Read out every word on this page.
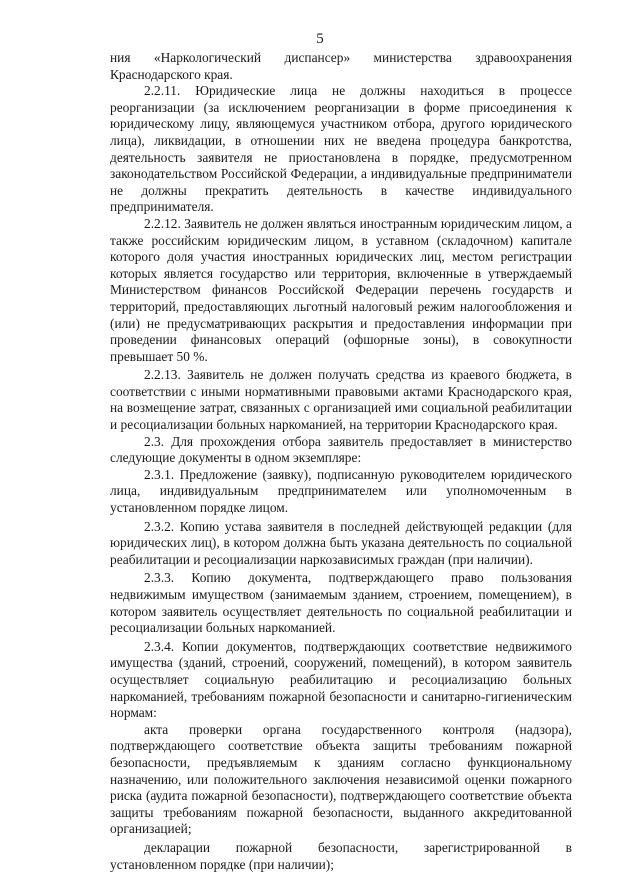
5

ния «Наркологический диспансер» министерства здравоохранения Краснодарского края.

2.2.11. Юридические лица не должны находиться в процессе реорганизации (за исключением реорганизации в форме присоединения к юридическому лицу, являющемуся участником отбора, другого юридического лица), ликвидации, в отношении них не введена процедура банкротства, деятельность заявителя не приостановлена в порядке, предусмотренном законодательством Российской Федерации, а индивидуальные предприниматели не должны прекратить деятельность в качестве индивидуального предпринимателя.

2.2.12. Заявитель не должен являться иностранным юридическим лицом, а также российским юридическим лицом, в уставном (складочном) капитале которого доля участия иностранных юридических лиц, местом регистрации которых является государство или территория, включенные в утверждаемый Министерством финансов Российской Федерации перечень государств и территорий, предоставляющих льготный налоговый режим налогообложения и (или) не предусматривающих раскрытия и предоставления информации при проведении финансовых операций (офшорные зоны), в совокупности превышает 50 %.

2.2.13. Заявитель не должен получать средства из краевого бюджета, в соответствии с иными нормативными правовыми актами Краснодарского края, на возмещение затрат, связанных с организацией ими социальной реабилитации и ресоциализации больных наркоманией, на территории Краснодарского края.

2.3. Для прохождения отбора заявитель предоставляет в министерство следующие документы в одном экземпляре:

2.3.1. Предложение (заявку), подписанную руководителем юридического лица, индивидуальным предпринимателем или уполномоченным в установленном порядке лицом.

2.3.2. Копию устава заявителя в последней действующей редакции (для юридических лиц), в котором должна быть указана деятельность по социальной реабилитации и ресоциализации наркозависимых граждан (при наличии).

2.3.3. Копию документа, подтверждающего право пользования недвижимым имуществом (занимаемым зданием, строением, помещением), в котором заявитель осуществляет деятельность по социальной реабилитации и ресоциализации больных наркоманией.

2.3.4. Копии документов, подтверждающих соответствие недвижимого имущества (зданий, строений, сооружений, помещений), в котором заявитель осуществляет социальную реабилитацию и ресоциализацию больных наркоманией, требованиям пожарной безопасности и санитарно-гигиеническим нормам:

акта проверки органа государственного контроля (надзора), подтверждающего соответствие объекта защиты требованиям пожарной безопасности, предъявляемым к зданиям согласно функциональному назначению, или положительного заключения независимой оценки пожарного риска (аудита пожарной безопасности), подтверждающего соответствие объекта защиты требованиям пожарной безопасности, выданного аккредитованной организацией;

декларации пожарной безопасности, зарегистрированной в установленном порядке (при наличии);
